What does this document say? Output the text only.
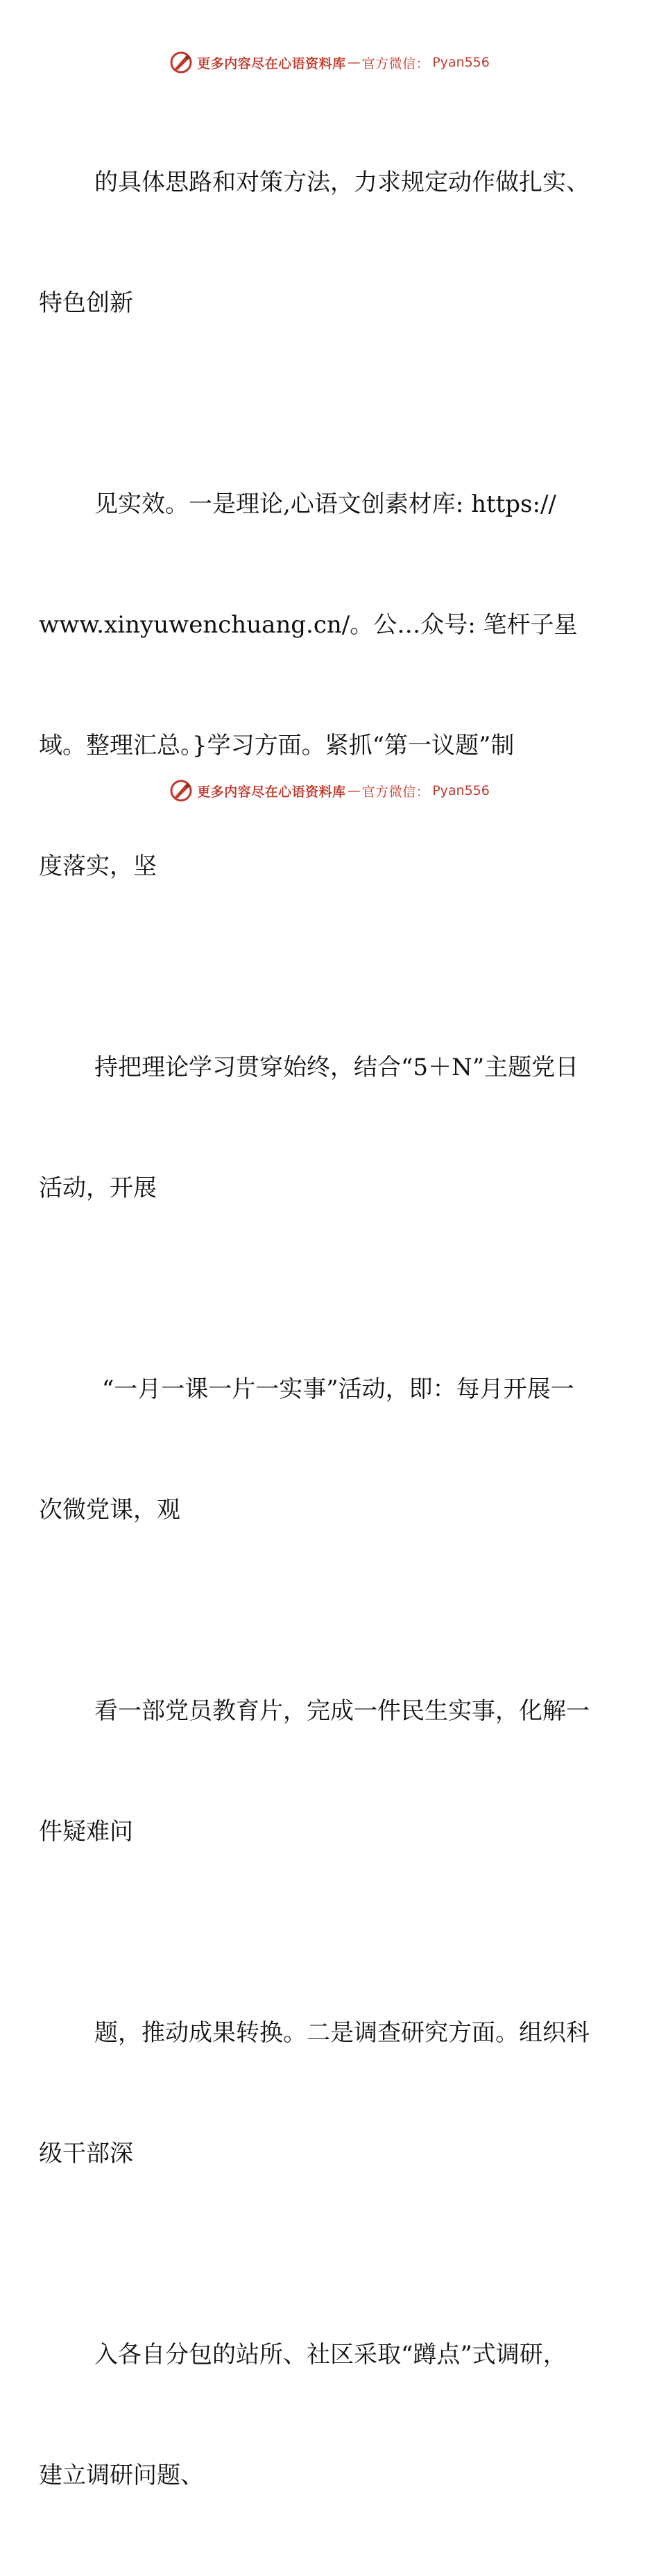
更多内容尽在心语资料库 — 官方微信： Pyan556

的具体思路和对策方法，力求规定动作做扎实、

特色创新

见实效。一是理论,心语文创素材库: https://

www.xinyuwenchuang.cn/。公…众号: 笔杆子星

域。整理汇总。}学习方面。紧抓“第一议题”制

度落实，坚

持把理论学习贯穿始终，结合“5＋N”主题党日

活动，开展

“一月一课一片一实事”活动，即：每月开展一

次微党课，观

看一部党员教育片，完成一件民生实事，化解一

件疑难问

题，推动成果转换。二是调查研究方面。组织科

级干部深

入各自分包的站所、社区采取“蹲点”式调研，

建立调研问题、

更多内容尽在心语资料库 — 官方微信： Pyan556
